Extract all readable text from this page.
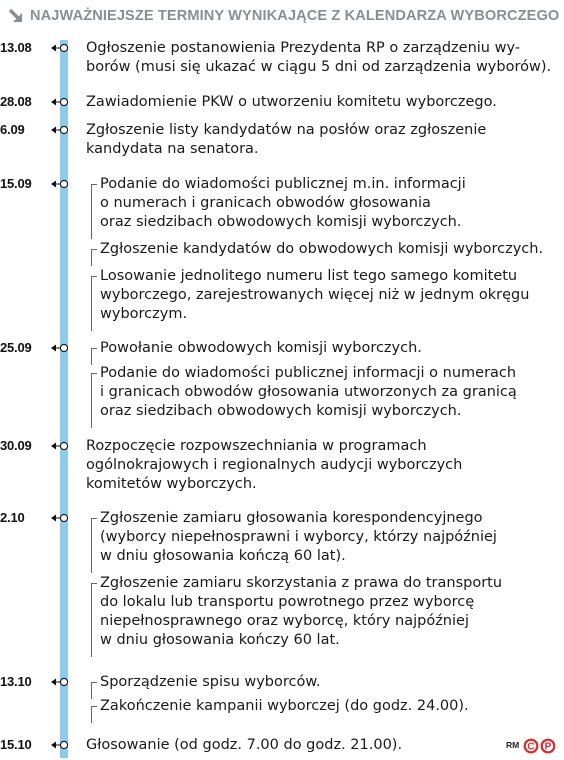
NAJWAŻNIEJSZE TERMINY WYNIKAJĄCE Z KALENDARZA WYBORCZEGO
Ogłoszenie postanowienia Prezydenta RP o zarządzeniu wy-
borów (musi się ukazać w ciągu 5 dni od zarządzenia wyborów).
Zawiadomienie PKW o utworzeniu komitetu wyborczego.
Zgłoszenie listy kandydatów na posłów oraz zgłoszenie
kandydata na senatora.
Podanie do wiadomości publicznej m.in. informacji
o numerach i granicach obwodów głosowania
oraz siedzibach obwodowych komisji wyborczych.
Zgłoszenie kandydatów do obwodowych komisji wyborczych.
Losowanie jednolitego numeru list tego samego komitetu
wyborczego, zarejestrowanych więcej niż w jednym okręgu
wyborczym.
Powołanie obwodowych komisji wyborczych.
Podanie do wiadomości publicznej informacji o numerach
i granicach obwodów głosowania utworzonych za granicą
oraz siedzibach obwodowych komisji wyborczych.
Rozpoczęcie rozpowszechniania w programach
ogólnokrajowych i regionalnych audycji wyborczych
komitetów wyborczych.
Zgłoszenie zamiaru głosowania korespondencyjnego
(wyborcy niepełnosprawni i wyborcy, którzy najpóźniej
w dniu głosowania kończą 60 lat).
Zgłoszenie zamiaru skorzystania z prawa do transportu
do lokalu lub transportu powrotnego przez wyborcę
niepełnosprawnego oraz wyborcę, który najpóźniej
w dniu głosowania kończy 60 lat.
Sporządzenie spisu wyborców.
Zakończenie kampanii wyborczej (do godz. 24.00).
Głosowanie (od godz. 7.00 do godz. 21.00).	RM C P
13.08
28.08
6.09
15.09
25.09
30.09
2.10
13.10
15.10
